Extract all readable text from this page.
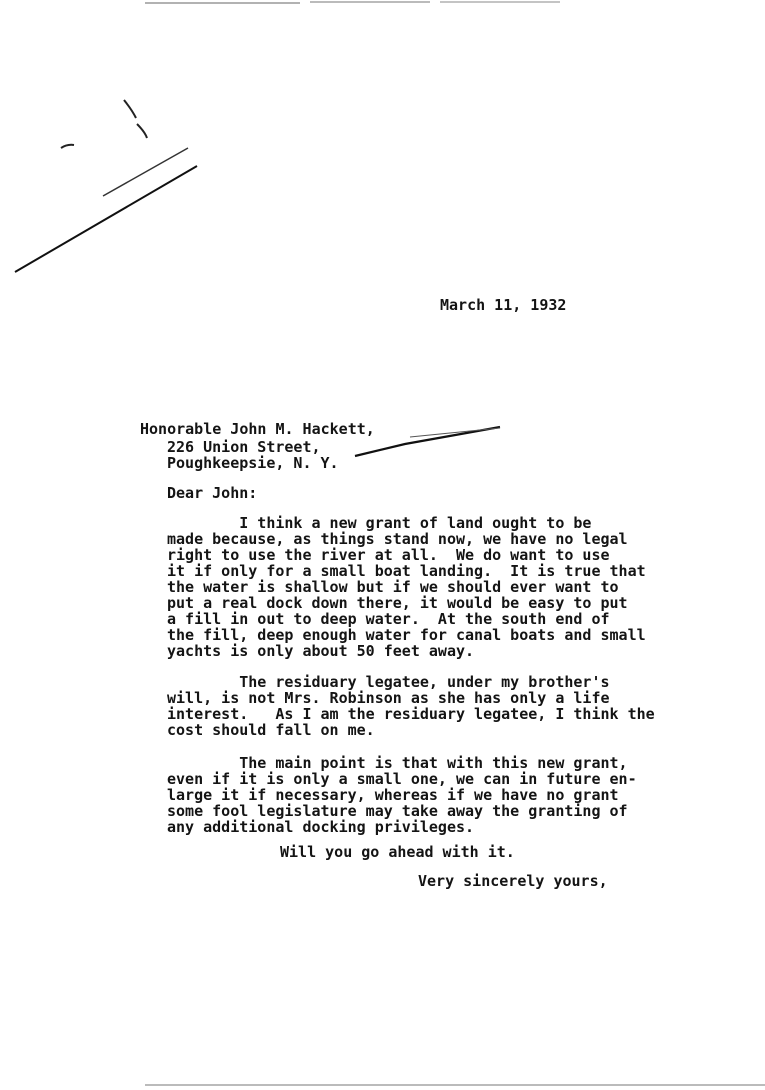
March 11, 1932
Honorable John M. Hackett,
226 Union Street,
Poughkeepsie, N. Y.
Dear John:
I think a new grant of land ought to be
made because, as things stand now, we have no legal
right to use the river at all.  We do want to use
it if only for a small boat landing.  It is true that
the water is shallow but if we should ever want to
put a real dock down there, it would be easy to put
a fill in out to deep water.  At the south end of
the fill, deep enough water for canal boats and small
yachts is only about 50 feet away.
The residuary legatee, under my brother's
will, is not Mrs. Robinson as she has only a life
interest.   As I am the residuary legatee, I think the
cost should fall on me.
The main point is that with this new grant,
even if it is only a small one, we can in future en-
large it if necessary, whereas if we have no grant
some fool legislature may take away the granting of
any additional docking privileges.
Will you go ahead with it.
Very sincerely yours,
